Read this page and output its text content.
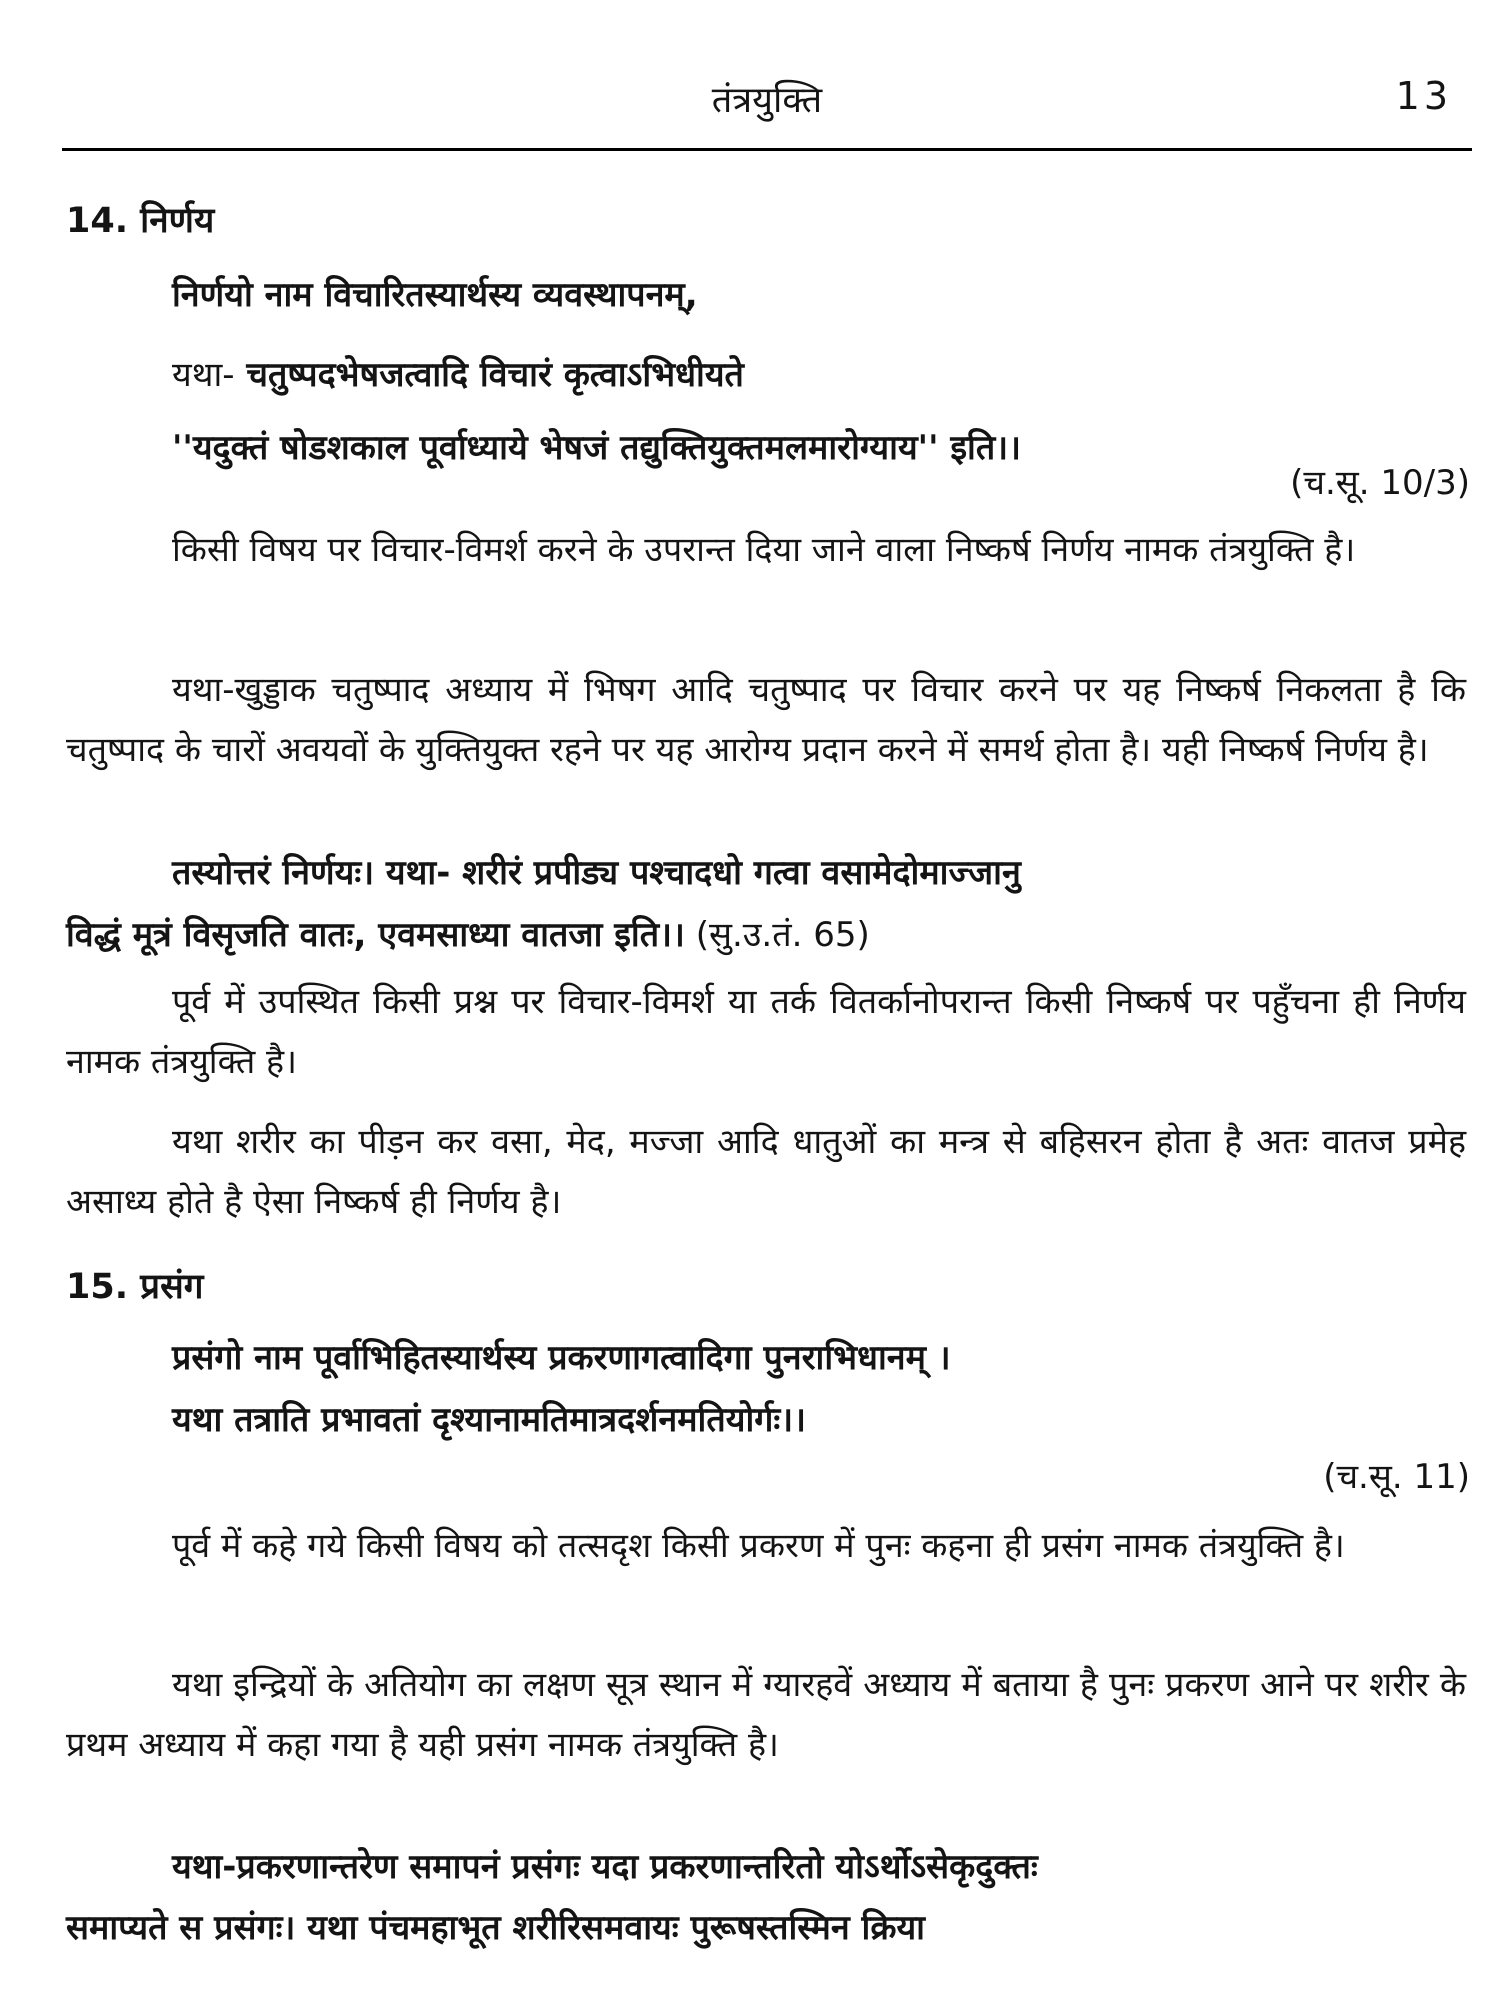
तंत्रयुक्ति	13
14. निर्णय
निर्णयो नाम विचारितस्यार्थस्य व्यवस्थापनम्,
यथा- चतुष्पदभेषजत्वादि विचारं कृत्वाऽभिधीयते
''यदुक्तं षोडशकाल पूर्वाध्याये भेषजं तद्युक्तियुक्तमलमारोग्याय'' इति।।
(च.सू. 10/3)
किसी विषय पर विचार-विमर्श करने के उपरान्त दिया जाने वाला निष्कर्ष निर्णय नामक तंत्रयुक्ति है।
यथा-खुड्डाक चतुष्पाद अध्याय में भिषग आदि चतुष्पाद पर विचार करने पर यह निष्कर्ष निकलता है कि चतुष्पाद के चारों अवयवों के युक्तियुक्त रहने पर यह आरोग्य प्रदान करने में समर्थ होता है। यही निष्कर्ष निर्णय है।
तस्योत्तरं निर्णयः। यथा- शरीरं प्रपीड्य पश्चादधो गत्वा वसामेदोमाज्जानु
विद्धं मूत्रं विसृजति वातः, एवमसाध्या वातजा इति।। (सु.उ.तं. 65)
पूर्व में उपस्थित किसी प्रश्न पर विचार-विमर्श या तर्क वितर्कानोपरान्त किसी निष्कर्ष पर पहुँचना ही निर्णय नामक तंत्रयुक्ति है।
यथा शरीर का पीड़न कर वसा, मेद, मज्जा आदि धातुओं का मन्त्र से बहिसरन होता है अतः वातज प्रमेह असाध्य होते है ऐसा निष्कर्ष ही निर्णय है।
15. प्रसंग
प्रसंगो नाम पूर्वाभिहितस्यार्थस्य प्रकरणागत्वादिगा पुनराभिधानम् ।
यथा तत्राति प्रभावतां दृश्यानामतिमात्रदर्शनमतियोर्गः।।
(च.सू. 11)
पूर्व में कहे गये किसी विषय को तत्सदृश किसी प्रकरण में पुनः कहना ही प्रसंग नामक तंत्रयुक्ति है।
यथा इन्द्रियों के अतियोग का लक्षण सूत्र स्थान में ग्यारहवें अध्याय में बताया है पुनः प्रकरण आने पर शरीर के प्रथम अध्याय में कहा गया है यही प्रसंग नामक तंत्रयुक्ति है।
यथा-प्रकरणान्तरेण समापनं प्रसंगः यदा प्रकरणान्तरितो योऽर्थोऽसेकृदुक्तः
समाप्यते स प्रसंगः। यथा पंचमहाभूत शरीरिसमवायः पुरूषस्तस्मिन क्रिया
